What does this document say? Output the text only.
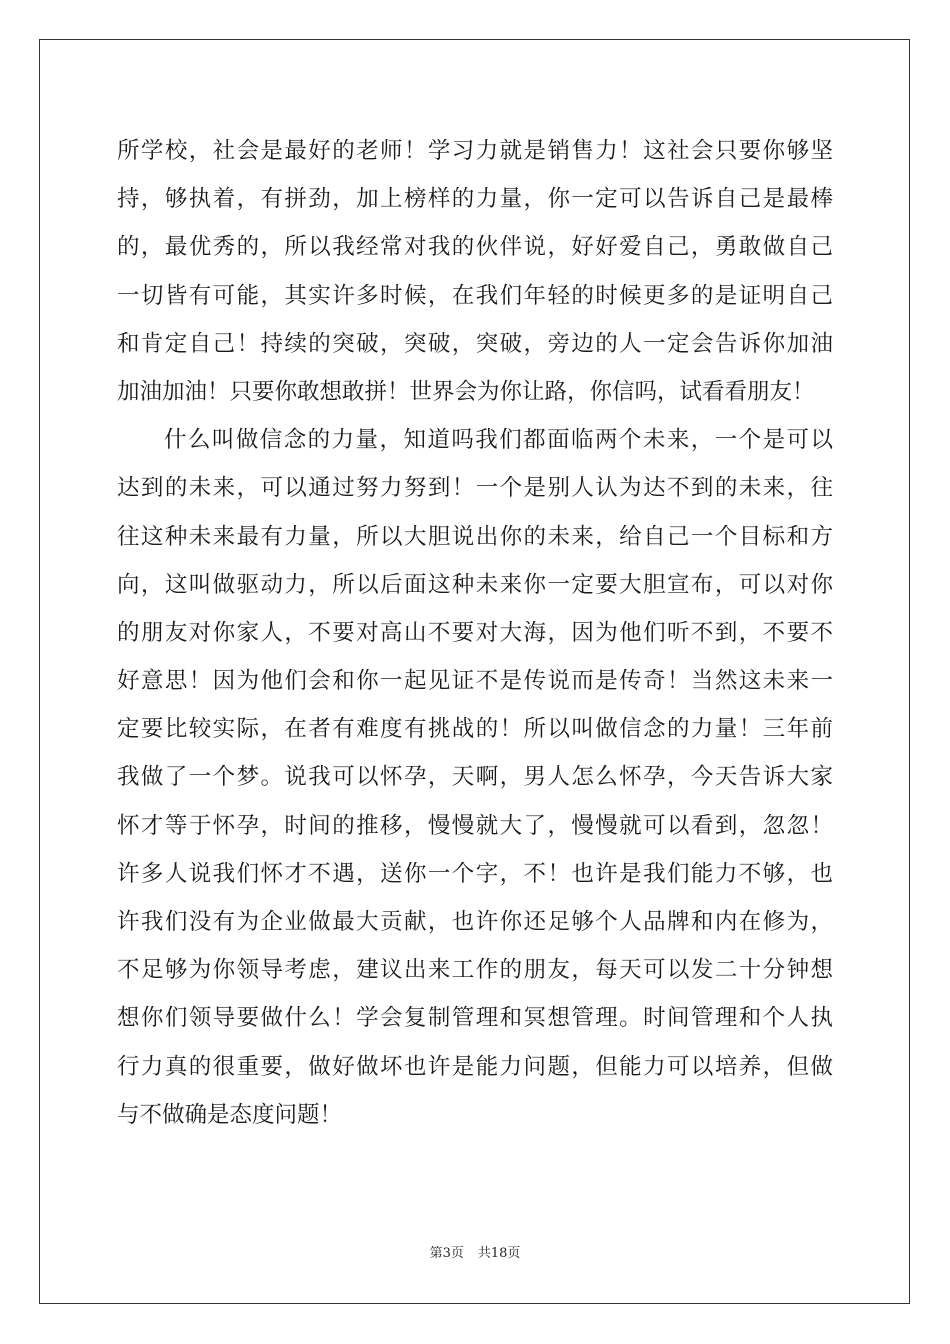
所学校，社会是最好的老师！学习力就是销售力！这社会只要你够坚
持，够执着，有拼劲，加上榜样的力量，你一定可以告诉自己是最棒
的，最优秀的，所以我经常对我的伙伴说，好好爱自己，勇敢做自己
一切皆有可能，其实许多时候，在我们年轻的时候更多的是证明自己
和肯定自己！持续的突破，突破，突破，旁边的人一定会告诉你加油
加油加油！只要你敢想敢拼！世界会为你让路，你信吗，试看看朋友！
什么叫做信念的力量，知道吗我们都面临两个未来，一个是可以
达到的未来，可以通过努力努到！一个是别人认为达不到的未来，往
往这种未来最有力量，所以大胆说出你的未来，给自己一个目标和方
向，这叫做驱动力，所以后面这种未来你一定要大胆宣布，可以对你
的朋友对你家人，不要对高山不要对大海，因为他们听不到，不要不
好意思！因为他们会和你一起见证不是传说而是传奇！当然这未来一
定要比较实际，在者有难度有挑战的！所以叫做信念的力量！三年前
我做了一个梦。说我可以怀孕，天啊，男人怎么怀孕，今天告诉大家
怀才等于怀孕，时间的推移，慢慢就大了，慢慢就可以看到，忽忽！
许多人说我们怀才不遇，送你一个字，不！也许是我们能力不够，也
许我们没有为企业做最大贡献，也许你还足够个人品牌和内在修为，
不足够为你领导考虑，建议出来工作的朋友，每天可以发二十分钟想
想你们领导要做什么！学会复制管理和冥想管理。时间管理和个人执
行力真的很重要，做好做坏也许是能力问题，但能力可以培养，但做
与不做确是态度问题！
第3页 共18页
